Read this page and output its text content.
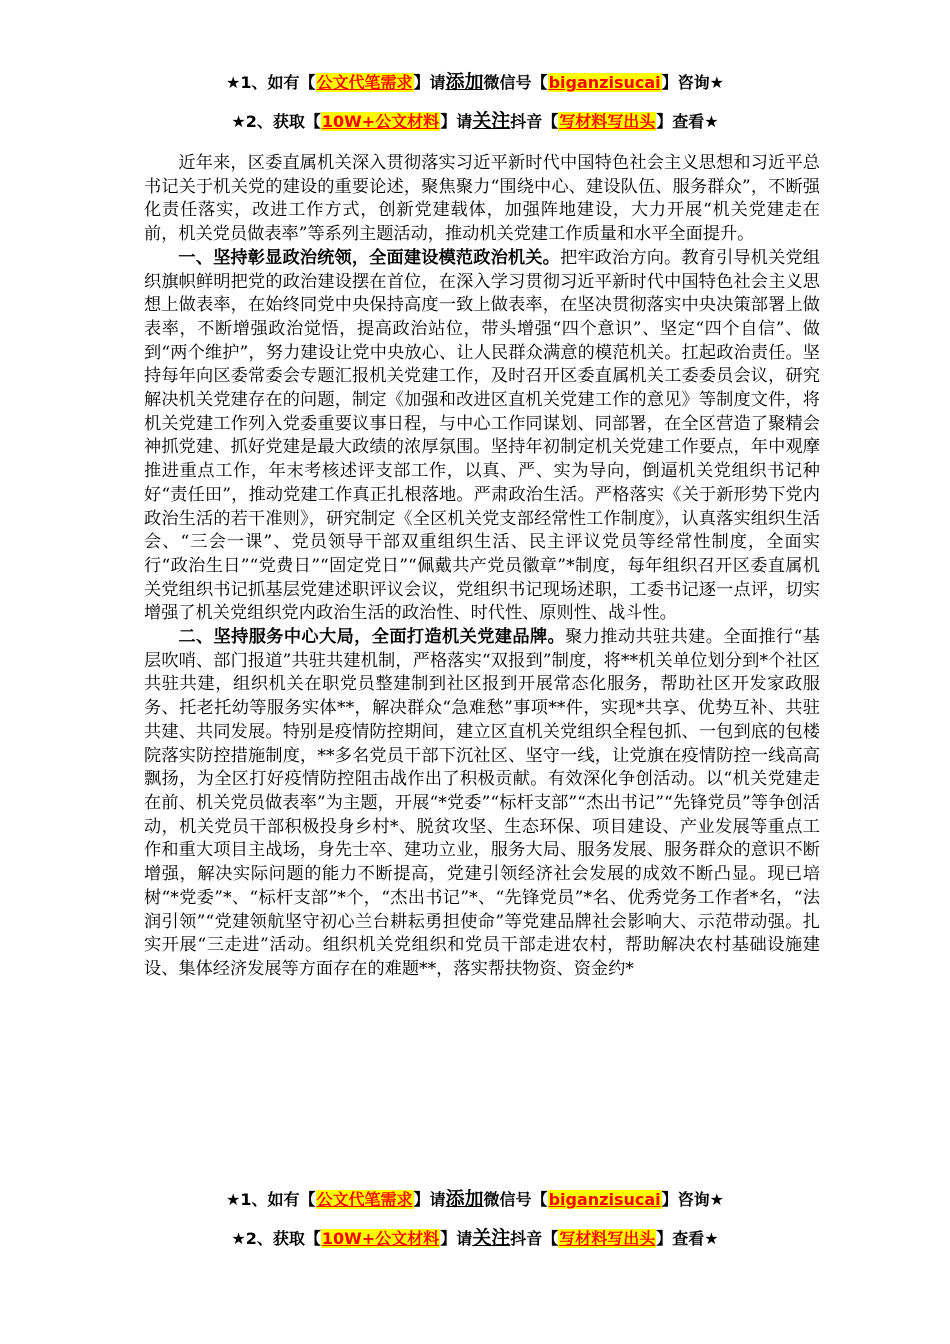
★1、如有【公文代笔需求】请添加微信号【biganzisucai】咨询★
★2、获取【10W+公文材料】请关注抖音【写材料写出头】查看★

近年来，区委直属机关深入贯彻落实习近平新时代中国特色社会主义思想和习近平总书记关于机关党的建设的重要论述，聚焦聚力“围绕中心、建设队伍、服务群众”，不断强化责任落实，改进工作方式，创新党建载体，加强阵地建设，大力开展“机关党建走在前，机关党员做表率”等系列主题活动，推动机关党建工作质量和水平全面提升。

一、坚持彰显政治统领，全面建设模范政治机关。把牢政治方向。教育引导机关党组织旗帜鲜明把党的政治建设摆在首位，在深入学习贯彻习近平新时代中国特色社会主义思想上做表率，在始终同党中央保持高度一致上做表率，在坚决贯彻落实中央决策部署上做表率，不断增强政治觉悟，提高政治站位，带头增强“四个意识”、坚定“四个自信”、做到“两个维护”，努力建设让党中央放心、让人民群众满意的模范机关。扛起政治责任。坚持每年向区委常委会专题汇报机关党建工作，及时召开区委直属机关工委委员会议，研究解决机关党建存在的问题，制定《加强和改进区直机关党建工作的意见》等制度文件，将机关党建工作列入党委重要议事日程，与中心工作同谋划、同部署，在全区营造了聚精会神抓党建、抓好党建是最大政绩的浓厚氛围。坚持年初制定机关党建工作要点，年中观摩推进重点工作，年末考核述评支部工作，以真、严、实为导向，倒逼机关党组织书记种好“责任田”，推动党建工作真正扎根落地。严肃政治生活。严格落实《关于新形势下党内政治生活的若干准则》，研究制定《全区机关党支部经常性工作制度》，认真落实组织生活会、“三会一课”、党员领导干部双重组织生活、民主评议党员等经常性制度，全面实行“政治生日”“党费日”“固定党日”“佩戴共产党员徽章”*制度，每年组织召开区委直属机关党组织书记抓基层党建述职评议会议，党组织书记现场述职，工委书记逐一点评，切实增强了机关党组织党内政治生活的政治性、时代性、原则性、战斗性。

二、坚持服务中心大局，全面打造机关党建品牌。聚力推动共驻共建。全面推行“基层吹哨、部门报道”共驻共建机制，严格落实“双报到”制度，将**机关单位划分到*个社区共驻共建，组织机关在职党员整建制到社区报到开展常态化服务，帮助社区开发家政服务、托老托幼等服务实体**，解决群众“急难愁”事项**件，实现*共享、优势互补、共驻共建、共同发展。特别是疫情防控期间，建立区直机关党组织全程包抓、一包到底的包楼院落实防控措施制度，**多名党员干部下沉社区、坚守一线，让党旗在疫情防控一线高高飘扬，为全区打好疫情防控阻击战作出了积极贡献。有效深化争创活动。以“机关党建走在前、机关党员做表率”为主题，开展“*党委”“标杆支部”“杰出书记”“先锋党员”等争创活动，机关党员干部积极投身乡村*、脱贫攻坚、生态环保、项目建设、产业发展等重点工作和重大项目主战场，身先士卒、建功立业，服务大局、服务发展、服务群众的意识不断增强，解决实际问题的能力不断提高，党建引领经济社会发展的成效不断凸显。现已培树“*党委”*、“标杆支部”*个，“杰出书记”*、“先锋党员”*名、优秀党务工作者*名，“法润引领”“党建领航坚守初心兰台耕耘勇担使命”等党建品牌社会影响大、示范带动强。扎实开展“三走进”活动。组织机关党组织和党员干部走进农村，帮助解决农村基础设施建设、集体经济发展等方面存在的难题**，落实帮扶物资、资金约*

★1、如有【公文代笔需求】请添加微信号【biganzisucai】咨询★
★2、获取【10W+公文材料】请关注抖音【写材料写出头】查看★
